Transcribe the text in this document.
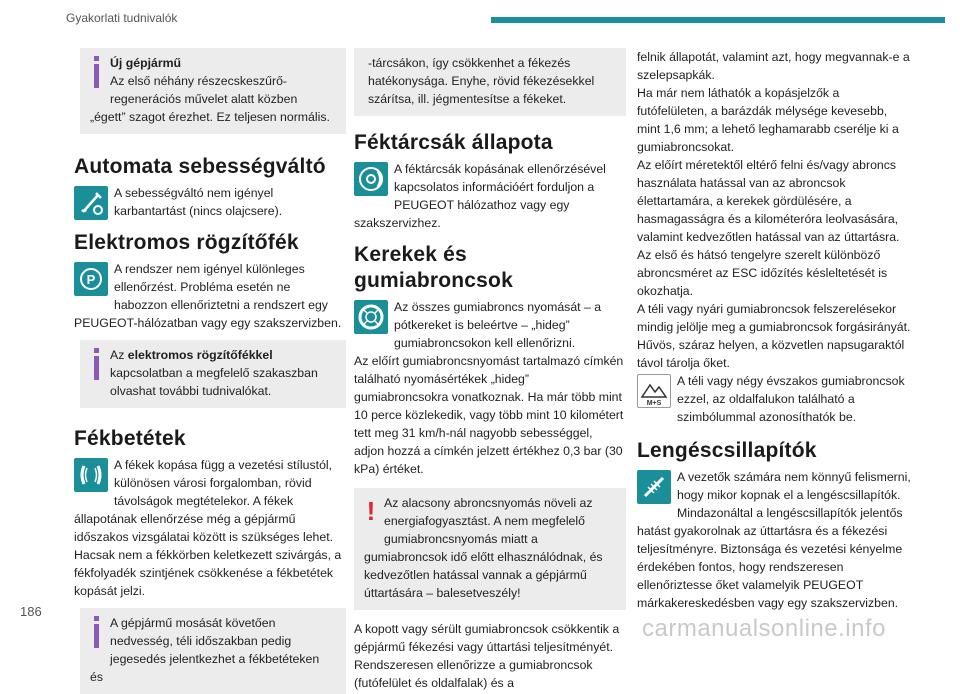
Gyakorlati tudnivalók

Új gépjármű
Az első néhány részecskeszűrő-regenerációs művelet alatt közben „égett” szagot érezhet. Ez teljesen normális.

Automata sebességváltó

A sebességváltó nem igényel karbantartást (nincs olajcsere).

Elektromos rögzítőfék
P

A rendszer nem igényel különleges ellenőrzést. Probléma esetén ne habozzon ellenőriztetni a rendszert egy PEUGEOT-hálózatban vagy egy szakszervizben.

Az elektromos rögzítőfékkel kapcsolatban a megfelelő szakaszban olvashat további tudnivalókat.

Fékbetétek

A fékek kopása függ a vezetési stílustól, különösen városi forgalomban, rövid távolságok megtételekor. A fékek állapotának ellenőrzése még a gépjármű időszakos vizsgálatai között is szükséges lehet.

Hacsak nem a fékkörben keletkezett szivárgás, a fékfolyadék szintjének csökkenése a fékbetétek kopását jelzi.

A gépjármű mosását követően nedvesség, téli időszakban pedig jegesedés jelentkezhet a fékbetéteken és

-tárcsákon, így csökkenhet a fékezés hatékonysága. Enyhe, rövid fékezésekkel szárítsa, ill. jégmentesítse a fékeket.

Féktárcsák állapota

A féktárcsák kopásának ellenőrzésével kapcsolatos információért forduljon a PEUGEOT hálózathoz vagy egy szakszervizhez.

Kerekek és gumiabroncsok

Az összes gumiabroncs nyomását – a pótkereket is beleértve – „hideg” gumiabroncsokon kell ellenőrizni.

Az előírt gumiabroncsnyomást tartalmazó címkén található nyomásértékek „hideg” gumiabroncsokra vonatkoznak. Ha már több mint 10 percе közlekedik, vagy több mint 10 kilométert tett meg 31 km/h-nál nagyobb sebességgel, adjon hozzá a címkén jelzett értékhez 0,3 bar (30 kPa) értéket.

! Az alacsony abroncsnyomás növeli az energiafogyasztást. A nem megfelelő gumiabroncsnyomás miatt a gumiabroncsok idő előtt elhasználódnak, és kedvezőtlen hatással vannak a gépjármű úttartására – balesetveszély!

A kopott vagy sérült gumiabroncsok csökkentik a gépjármű fékezési vagy úttartási teljesítményét. Rendszeresen ellenőrizze a gumiabroncsok (futófelület és oldalfalak) és a

felnik állapotát, valamint azt, hogy megvannak-e a szelepsapkák.

Ha már nem láthatók a kopásjelzők a futófelületen, a barázdák mélysége kevesebb, mint 1,6 mm; a lehető leghamarabb cserélje ki a gumiabroncsokat.

Az előírt méretektől eltérő felni és/vagy abroncs használata hatással van az abroncsok élettartamára, a kerekek gördülésére, a hasmagasságra és a kilométeróra leolvasására, valamint kedvezőtlen hatással van az úttartásra.

Az első és hátsó tengelyre szerelt különböző abroncsméret az ESC időzítés késleltetését is okozhatja.

A téli vagy nyári gumiabroncsok felszerelésekor mindig jelölje meg a gumiabroncsok forgásirányát. Hűvös, száraz helyen, a közvetlen napsugaraktól távol tárolja őket.

M+S

A téli vagy négy évszakos gumiabroncsok ezzel, az oldalfalukon található a szimbólummal azonosíthatók be.

Lengéscsillapítók

A vezetők számára nem könnyű felismerni, hogy mikor kopnak el a lengéscsillapítók. Mindazonáltal a lengéscsillapítók jelentős hatást gyakorolnak az úttartásra és a fékezési teljesítményre. Biztonsága és vezetési kényelme érdekében fontos, hogy rendszeresen ellenőriztesse őket valamelyik PEUGEOT márkakereskedésben vagy egy szakszervizben.

186
carmanualsonline.info
